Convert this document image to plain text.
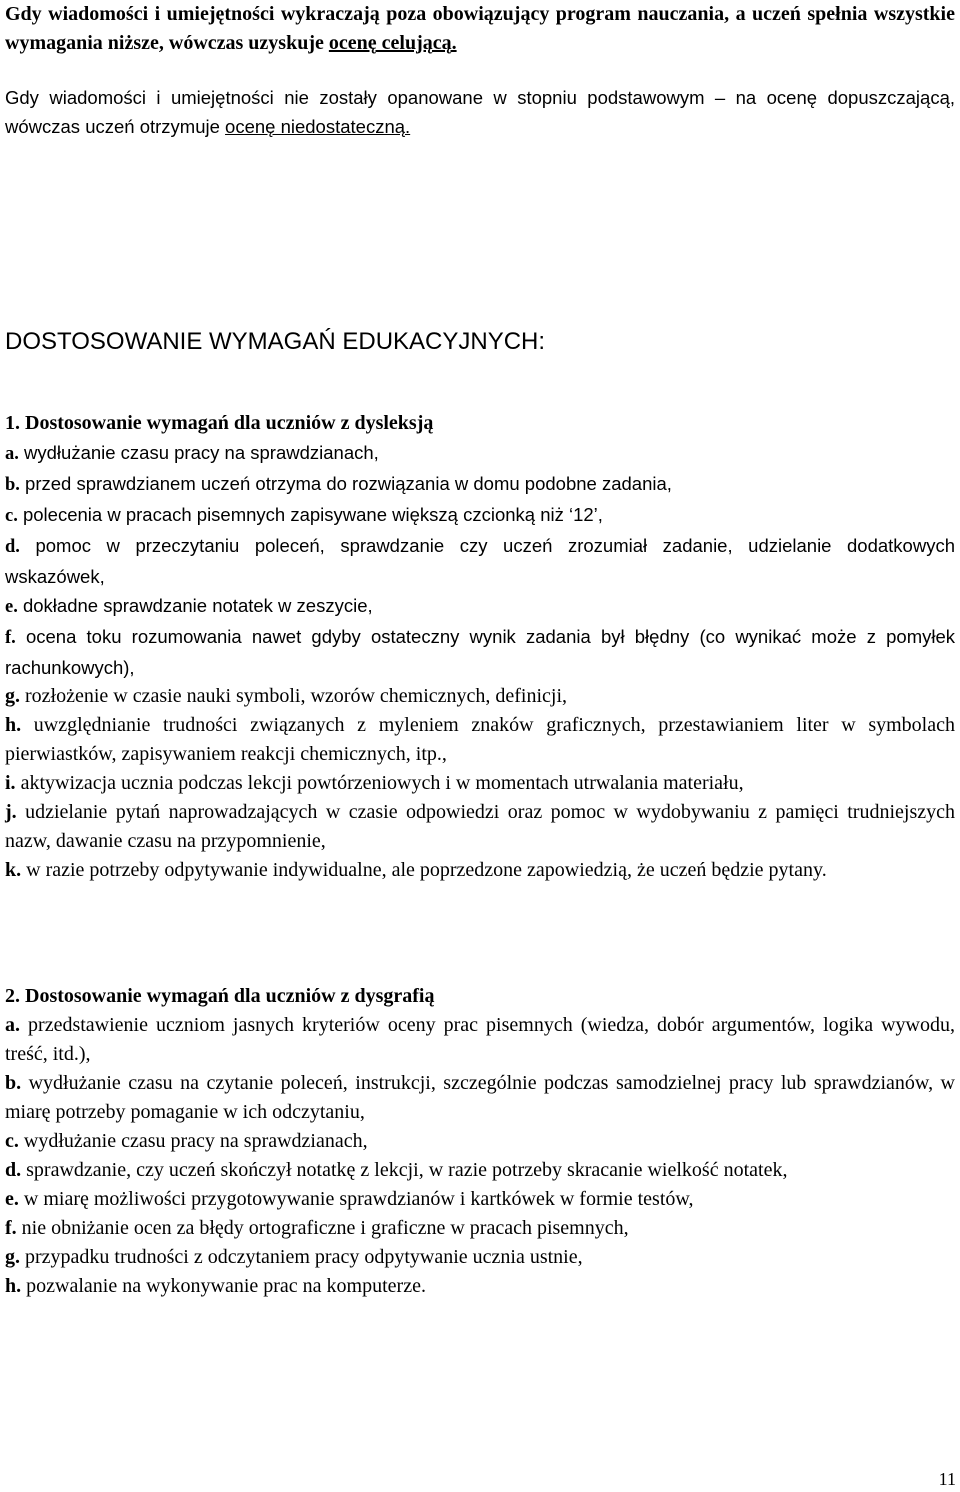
Gdy wiadomości i umiejętności wykraczają poza obowiązujący program nauczania, a uczeń spełnia wszystkie wymagania niższe, wówczas uzyskuje ocenę celującą.

Gdy wiadomości i umiejętności nie zostały opanowane w stopniu podstawowym – na ocenę dopuszczającą, wówczas uczeń otrzymuje ocenę niedostateczną.

DOSTOSOWANIE WYMAGAŃ EDUKACYJNYCH:
1. Dostosowanie wymagań dla uczniów z dysleksją
a. wydłużanie czasu pracy na sprawdzianach,
b. przed sprawdzianem uczeń otrzyma do rozwiązania w domu podobne zadania,
c. polecenia w pracach pisemnych zapisywane większą czcionką niż ‘12’,
d. pomoc w przeczytaniu poleceń, sprawdzanie czy uczeń zrozumiał zadanie, udzielanie dodatkowych wskazówek,
e. dokładne sprawdzanie notatek w zeszycie,
f. ocena toku rozumowania nawet gdyby ostateczny wynik zadania był błędny (co wynikać może z pomyłek rachunkowych),
g. rozłożenie w czasie nauki symboli, wzorów chemicznych, definicji,
h. uwzględnianie trudności związanych z myleniem znaków graficznych, przestawianiem liter w symbolach pierwiastków, zapisywaniem reakcji chemicznych, itp.,
i. aktywizacja ucznia podczas lekcji powtórzeniowych i w momentach utrwalania materiału,
j. udzielanie pytań naprowadzających w czasie odpowiedzi oraz pomoc w wydobywaniu z pamięci trudniejszych nazw, dawanie czasu na przypomnienie,
k. w razie potrzeby odpytywanie indywidualne, ale poprzedzone zapowiedzią, że uczeń będzie pytany.
2. Dostosowanie wymagań dla uczniów z dysgrafią
a. przedstawienie uczniom jasnych kryteriów oceny prac pisemnych (wiedza, dobór argumentów, logika wywodu, treść, itd.),
b. wydłużanie czasu na czytanie poleceń, instrukcji, szczególnie podczas samodzielnej pracy lub sprawdzianów, w miarę potrzeby pomaganie w ich odczytaniu,
c. wydłużanie czasu pracy na sprawdzianach,
d. sprawdzanie, czy uczeń skończył notatkę z lekcji, w razie potrzeby skracanie wielkość notatek,
e. w miarę możliwości przygotowywanie sprawdzianów i kartkówek w formie testów,
f. nie obniżanie ocen za błędy ortograficzne i graficzne w pracach pisemnych,
g. przypadku trudności z odczytaniem pracy odpytywanie ucznia ustnie,
h. pozwalanie na wykonywanie prac na komputerze.
11
